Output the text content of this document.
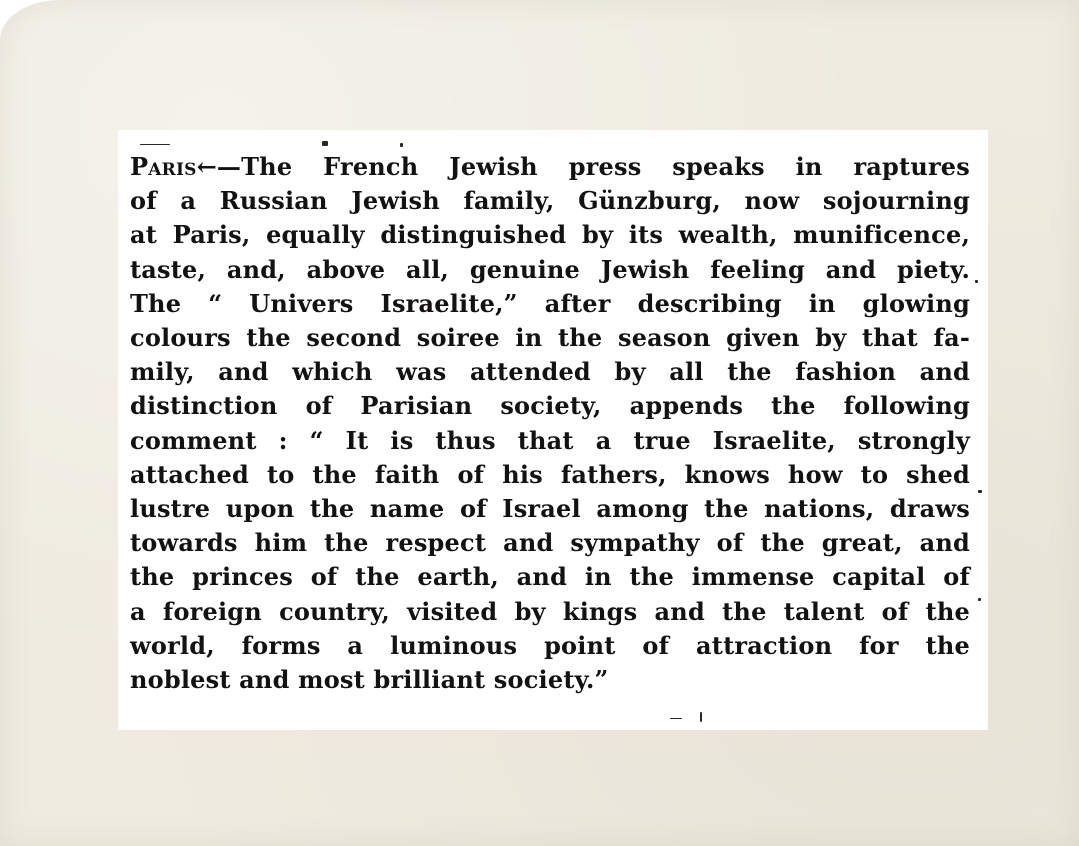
Paris←—The French Jewish press speaks in raptures
of a Russian Jewish family, Günzburg, now sojourning
at Paris, equally distinguished by its wealth, munificence,
taste, and, above all, genuine Jewish feeling and piety.
The “ Univers Israelite,” after describing in glowing
colours the second soiree in the season given by that fa-
mily, and which was attended by all the fashion and
distinction of Parisian society, appends the following
comment : “ It is thus that a true Israelite, strongly
attached to the faith of his fathers, knows how to shed
lustre upon the name of Israel among the nations, draws
towards him the respect and sympathy of the great, and
the princes of the earth, and in the immense capital of
a foreign country, visited by kings and the talent of the
world, forms a luminous point of attraction for the
noblest and most brilliant society.”
